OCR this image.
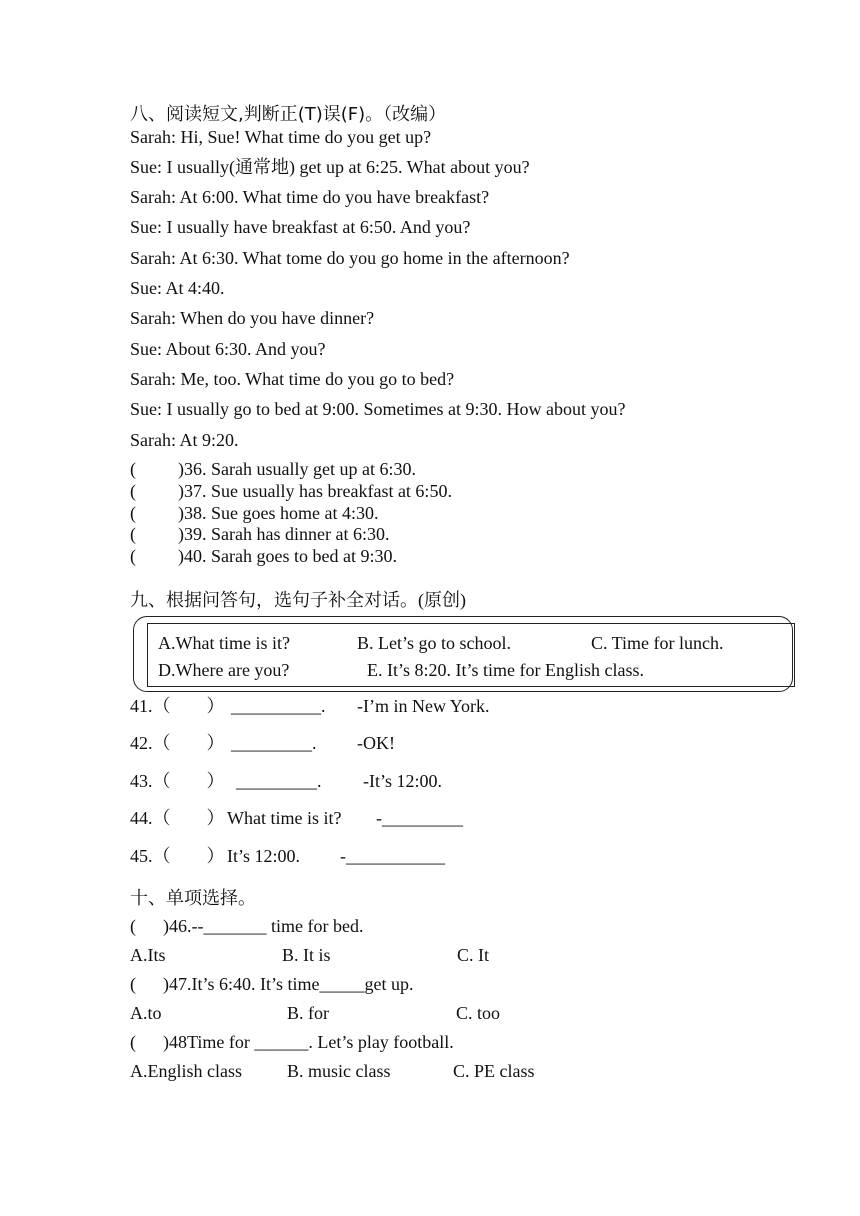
八、阅读短文,判断正(T)误(F)。（改编）
Sarah: Hi, Sue! What time do you get up?
Sue: I usually(通常地) get up at 6:25. What about you?
Sarah: At 6:00. What time do you have breakfast?
Sue: I usually have breakfast at 6:50. And you?
Sarah: At 6:30. What tome do you go home in the afternoon?
Sue: At 4:40.
Sarah: When do you have dinner?
Sue: About 6:30. And you?
Sarah: Me, too. What time do you go to bed?
Sue: I usually go to bed at 9:00. Sometimes at 9:30. How about you?
Sarah: At 9:20.
( )36. Sarah usually get up at 6:30.
( )37. Sue usually has breakfast at 6:50.
( )38. Sue goes home at 4:30.
( )39. Sarah has dinner at 6:30.
( )40. Sarah goes to bed at 9:30.
九、根据问答句，选句子补全对话。(原创)
A.What time is it?	B. Let’s go to school.	C. Time for lunch.
D.Where are you?	E. It’s 8:20. It’s time for English class.
41.（　　） __________. -I’m in New York.
42.（　　） _________. -OK!
43.（　　） _________. -It’s 12:00.
44.（　　） What time is it? -_________
45.（　　） It’s 12:00. -___________
十、单项选择。
(      )46.--_______ time for bed.
A.Its	B. It is	C. It
(      )47.It’s 6:40. It’s time_____get up.
A.to	B. for	C. too
(      )48Time for ______. Let’s play football.
A.English class	B. music class	C. PE class
